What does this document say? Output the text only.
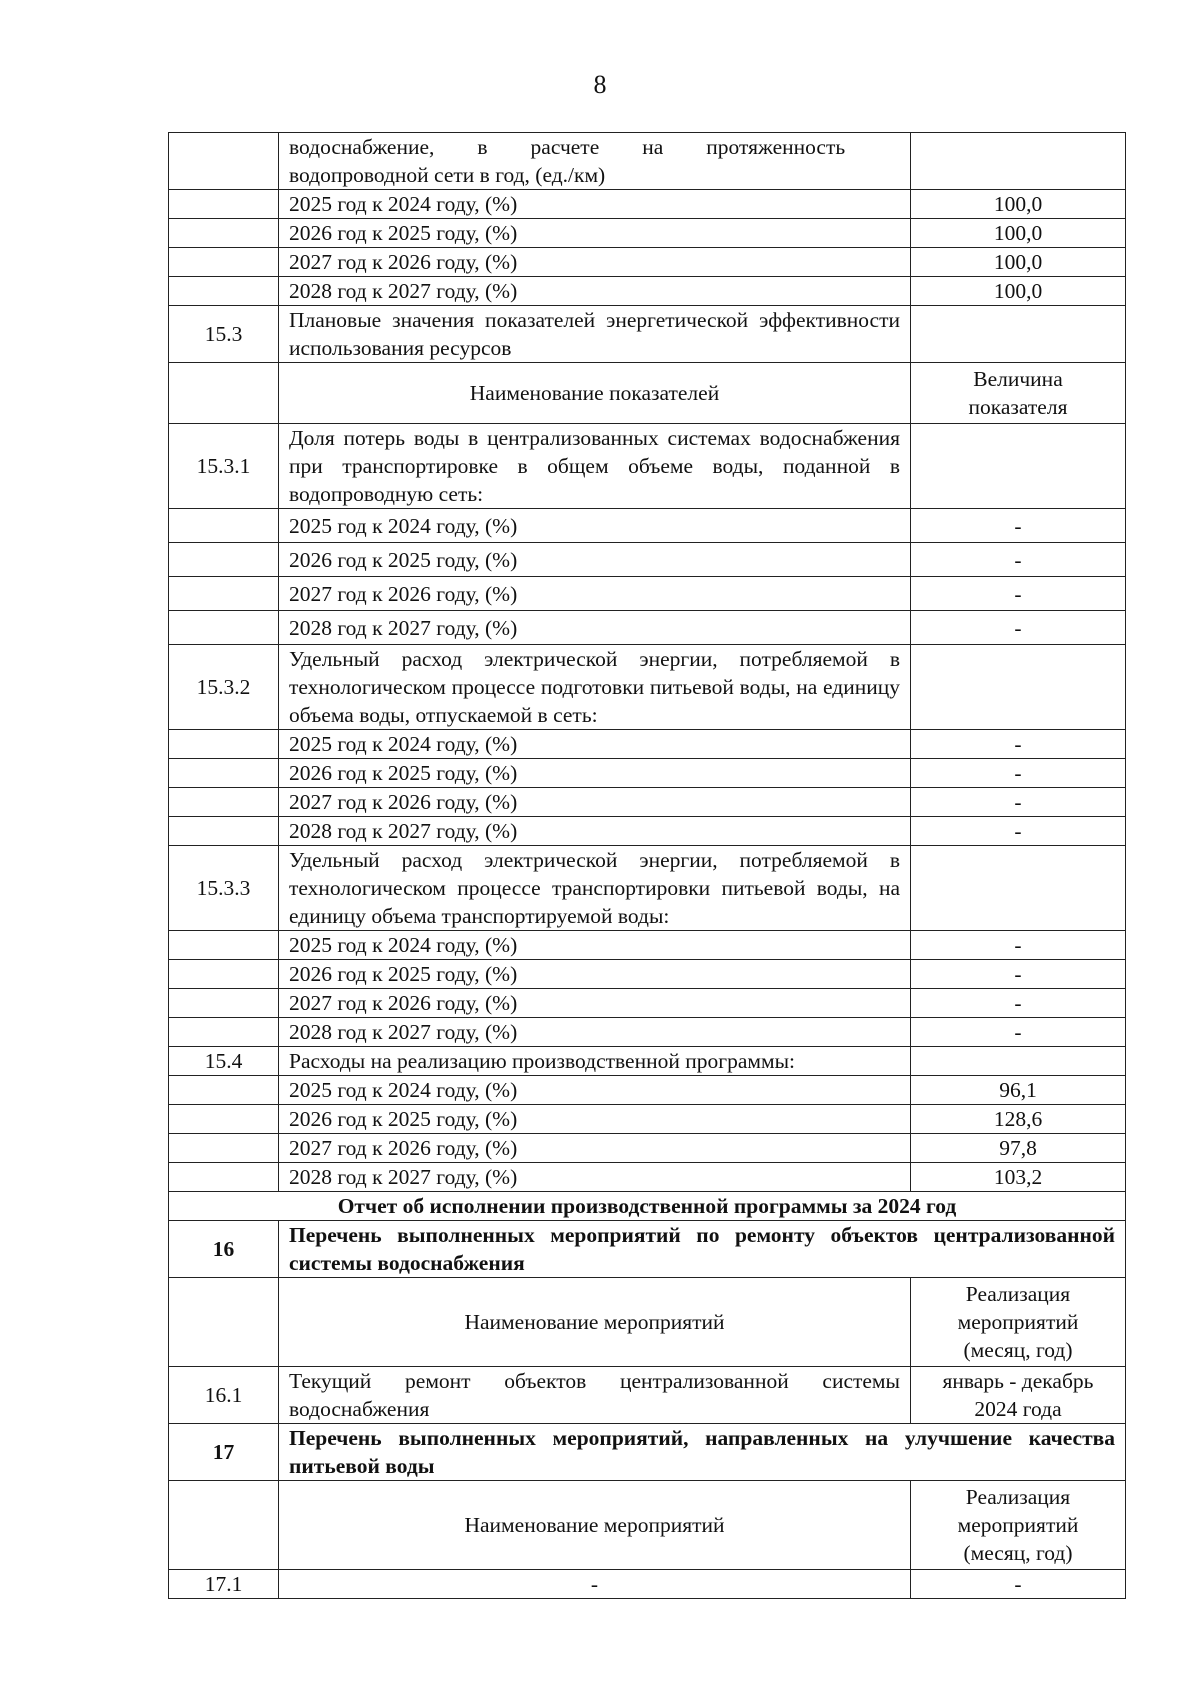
8

	водоснабжение,  в  расчете  на  протяженность
водопроводной сети в год, (ед./км)	

	2025 год к 2024 году, (%)	100,0
	2026 год к 2025 году, (%)	100,0
	2027 год к 2026 году, (%)	100,0
	2028 год к 2027 году, (%)	100,0
15.3	Плановые значения показателей энергетической эффективности использования ресурсов	
	Наименование показателей	Величина показателя
15.3.1	Доля потерь воды в централизованных системах водоснабжения при транспортировке в общем объеме воды, поданной в водопроводную сеть:	
	2025 год к 2024 году, (%)	-
	2026 год к 2025 году, (%)	-
	2027 год к 2026 году, (%)	-
	2028 год к 2027 году, (%)	-
15.3.2	Удельный расход электрической энергии, потребляемой в технологическом процессе подготовки питьевой воды, на единицу объема воды, отпускаемой в сеть:	
	2025 год к 2024 году, (%)	-
	2026 год к 2025 году, (%)	-
	2027 год к 2026 году, (%)	-
	2028 год к 2027 году, (%)	-
15.3.3	Удельный расход электрической энергии, потребляемой в технологическом процессе транспортировки питьевой воды, на единицу объема транспортируемой воды:	
	2025 год к 2024 году, (%)	-
	2026 год к 2025 году, (%)	-
	2027 год к 2026 году, (%)	-
	2028 год к 2027 году, (%)	-
15.4	Расходы на реализацию производственной программы:	
	2025 год к 2024 году, (%)	96,1
	2026 год к 2025 году, (%)	128,6
	2027 год к 2026 году, (%)	97,8
	2028 год к 2027 году, (%)	103,2
Отчет об исполнении производственной программы за 2024 год		
16	Перечень выполненных мероприятий по ремонту объектов централизованной системы водоснабжения	
	Наименование мероприятий	Реализация мероприятий (месяц, год)
16.1	Текущий ремонт объектов централизованной системы водоснабжения	январь - декабрь 2024 года
17	Перечень выполненных мероприятий, направленных на улучшение качества питьевой воды	
	Наименование мероприятий	Реализация мероприятий (месяц, год)
17.1	-	-
